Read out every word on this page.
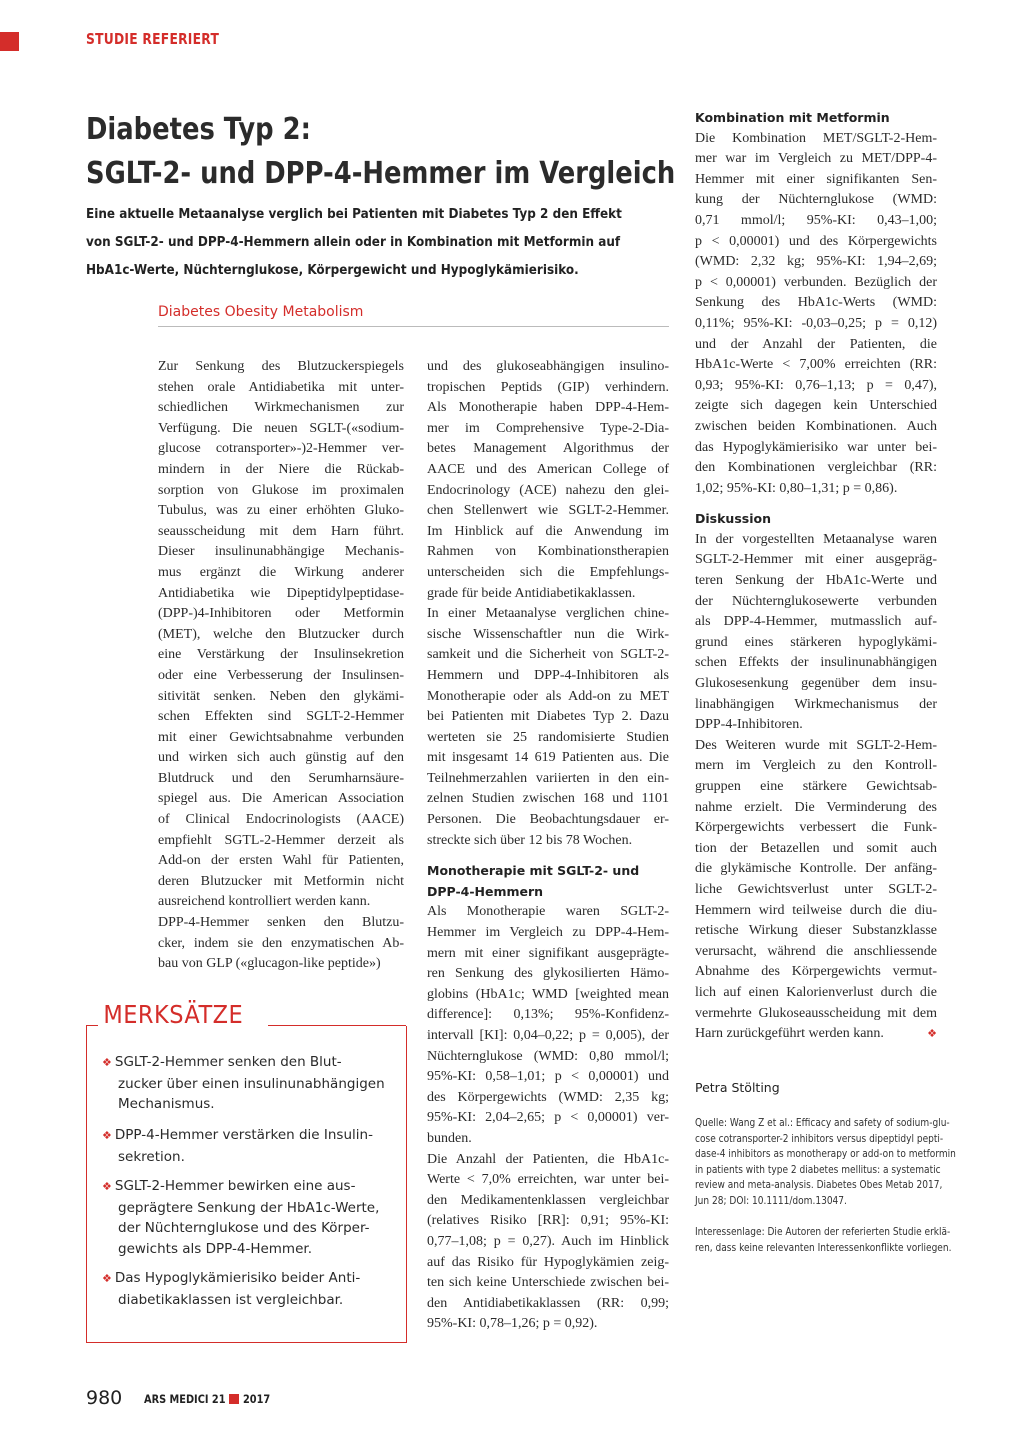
STUDIE REFERIERT
Diabetes Typ 2:
SGLT-2- und DPP-4-Hemmer im Vergleich
Eine aktuelle Metaanalyse verglich bei Patienten mit Diabetes Typ 2 den Effekt
von SGLT-2- und DPP-4-Hemmern allein oder in Kombination mit Metformin auf
HbA1c-Werte, Nüchternglukose, Körpergewicht und Hypoglykämierisiko.
Diabetes Obesity Metabolism
Zur Senkung des Blutzuckerspiegels
stehen orale Antidiabetika mit unter-
schiedlichen Wirkmechanismen zur
Verfügung. Die neuen SGLT-(«sodium-
glucose cotransporter»-)2-Hemmer ver-
mindern in der Niere die Rückab-
sorption von Glukose im proximalen
Tubulus, was zu einer erhöhten Gluko-
seausscheidung mit dem Harn führt.
Dieser insulinunabhängige Mechanis-
mus ergänzt die Wirkung anderer
Antidiabetika wie Dipeptidylpeptidase-
(DPP-)4-Inhibitoren oder Metformin
(MET), welche den Blutzucker durch
eine Verstärkung der Insulinsekretion
oder eine Verbesserung der Insulinsen-
sitivität senken. Neben den glykämi-
schen Effekten sind SGLT-2-Hemmer
mit einer Gewichtsabnahme verbunden
und wirken sich auch günstig auf den
Blutdruck und den Serumharnsäure-
spiegel aus. Die American Association
of Clinical Endocrinologists (AACE)
empfiehlt SGTL-2-Hemmer derzeit als
Add-on der ersten Wahl für Patienten,
deren Blutzucker mit Metformin nicht
ausreichend kontrolliert werden kann.
DPP-4-Hemmer senken den Blutzu-
cker, indem sie den enzymatischen Ab-
bau von GLP («glucagon-like peptide»)
und des glukoseabhängigen insulino-
tropischen Peptids (GIP) verhindern.
Als Monotherapie haben DPP-4-Hem-
mer im Comprehensive Type-2-Dia-
betes Management Algorithmus der
AACE und des American College of
Endocrinology (ACE) nahezu den glei-
chen Stellenwert wie SGLT-2-Hemmer.
Im Hinblick auf die Anwendung im
Rahmen von Kombinationstherapien
unterscheiden sich die Empfehlungs-
grade für beide Antidiabetikaklassen.
In einer Metaanalyse verglichen chine-
sische Wissenschaftler nun die Wirk-
samkeit und die Sicherheit von SGLT-2-
Hemmern und DPP-4-Inhibitoren als
Monotherapie oder als Add-on zu MET
bei Patienten mit Diabetes Typ 2. Dazu
werteten sie 25 randomisierte Studien
mit insgesamt 14 619 Patienten aus. Die
Teilnehmerzahlen variierten in den ein-
zelnen Studien zwischen 168 und 1101
Personen. Die Beobachtungsdauer er-
streckte sich über 12 bis 78 Wochen.
Monotherapie mit SGLT-2- und
DPP-4-Hemmern
Als Monotherapie waren SGLT-2-
Hemmer im Vergleich zu DPP-4-Hem-
mern mit einer signifikant ausgeprägte-
ren Senkung des glykosilierten Hämo-
globins (HbA1c; WMD [weighted mean
difference]: 0,13%; 95%-Konfidenz-
intervall [KI]: 0,04–0,22; p = 0,005), der
Nüchternglukose (WMD: 0,80 mmol/l;
95%-KI: 0,58–1,01; p < 0,00001) und
des Körpergewichts (WMD: 2,35 kg;
95%-KI: 2,04–2,65; p < 0,00001) ver-
bunden.
Die Anzahl der Patienten, die HbA1c-
Werte < 7,0% erreichten, war unter bei-
den Medikamentenklassen vergleichbar
(relatives Risiko [RR]: 0,91; 95%-KI:
0,77–1,08; p = 0,27). Auch im Hinblick
auf das Risiko für Hypoglykämien zeig-
ten sich keine Unterschiede zwischen bei-
den Antidiabetikaklassen (RR: 0,99;
95%-KI: 0,78–1,26; p = 0,92).
Kombination mit Metformin
Die Kombination MET/SGLT-2-Hem-
mer war im Vergleich zu MET/DPP-4-
Hemmer mit einer signifikanten Sen-
kung der Nüchternglukose (WMD:
0,71 mmol/l; 95%-KI: 0,43–1,00;
p < 0,00001) und des Körpergewichts
(WMD: 2,32 kg; 95%-KI: 1,94–2,69;
p < 0,00001) verbunden. Bezüglich der
Senkung des HbA1c-Werts (WMD:
0,11%; 95%-KI: -0,03–0,25; p = 0,12)
und der Anzahl der Patienten, die
HbA1c-Werte < 7,00% erreichten (RR:
0,93; 95%-KI: 0,76–1,13; p = 0,47),
zeigte sich dagegen kein Unterschied
zwischen beiden Kombinationen. Auch
das Hypoglykämierisiko war unter bei-
den Kombinationen vergleichbar (RR:
1,02; 95%-KI: 0,80–1,31; p = 0,86).
Diskussion
In der vorgestellten Metaanalyse waren
SGLT-2-Hemmer mit einer ausgepräg-
teren Senkung der HbA1c-Werte und
der Nüchternglukosewerte verbunden
als DPP-4-Hemmer, mutmasslich auf-
grund eines stärkeren hypoglykämi-
schen Effekts der insulinunabhängigen
Glukosesenkung gegenüber dem insu-
linabhängigen Wirkmechanismus der
DPP-4-Inhibitoren.
Des Weiteren wurde mit SGLT-2-Hem-
mern im Vergleich zu den Kontroll-
gruppen eine stärkere Gewichtsab-
nahme erzielt. Die Verminderung des
Körpergewichts verbessert die Funk-
tion der Betazellen und somit auch
die glykämische Kontrolle. Der anfäng-
liche Gewichtsverlust unter SGLT-2-
Hemmern wird teilweise durch die diu-
retische Wirkung dieser Substanzklasse
verursacht, während die anschliessende
Abnahme des Körpergewichts vermut-
lich auf einen Kalorienverlust durch die
vermehrte Glukoseausscheidung mit dem
Harn zurückgeführt werden kann.	❖
MERKSÄTZE
❖ SGLT-2-Hemmer senken den Blut-
zucker über einen insulinunabhängigen
Mechanismus.
❖ DPP-4-Hemmer verstärken die Insulin-
sekretion.
❖ SGLT-2-Hemmer bewirken eine aus-
geprägtere Senkung der HbA1c-Werte,
der Nüchternglukose und des Körper-
gewichts als DPP-4-Hemmer.
❖ Das Hypoglykämierisiko beider Anti-
diabetikaklassen ist vergleichbar.
Petra Stölting
Quelle: Wang Z et al.: Efficacy and safety of sodium-glu-
cose cotransporter-2 inhibitors versus dipeptidyl pepti-
dase-4 inhibitors as monotherapy or add-on to metformin
in patients with type 2 diabetes mellitus: a systematic
review and meta-analysis. Diabetes Obes Metab 2017,
Jun 28; DOI: 10.1111/dom.13047.
Interessenlage: Die Autoren der referierten Studie erklä-
ren, dass keine relevanten Interessenkonflikte vorliegen.
980 ARS MEDICI 21 2017
